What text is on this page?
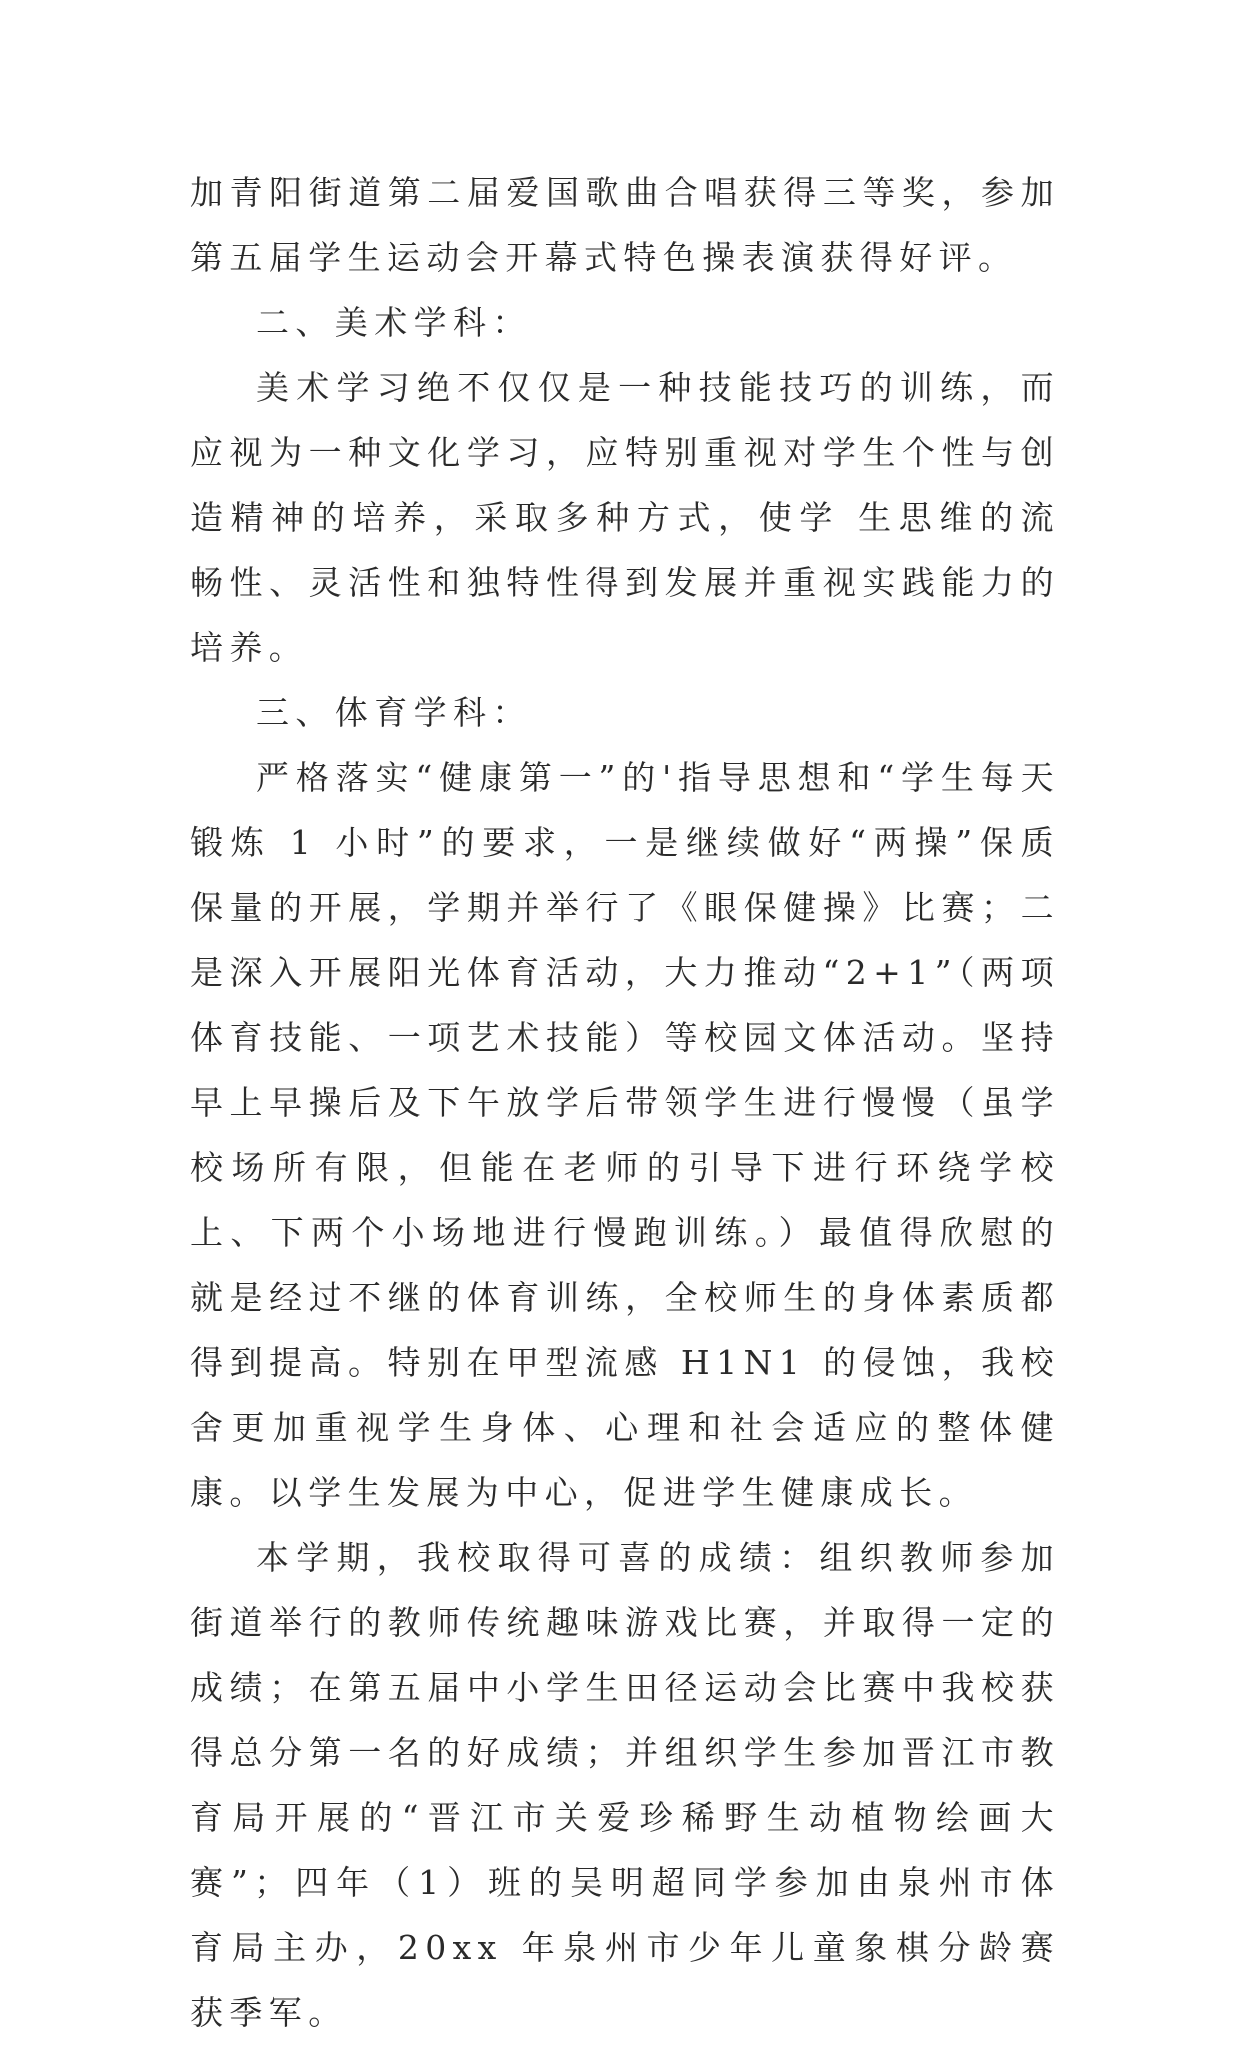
加青阳街道第二届爱国歌曲合唱获得三等奖，参加第五届学生运动会开幕式特色操表演获得好评。

二、美术学科：

美术学习绝不仅仅是一种技能技巧的训练，而应视为一种文化学习，应特别重视对学生个性与创造精神的培养，采取多种方式，使学 生思维的流畅性、灵活性和独特性得到发展并重视实践能力的培养。

三、体育学科：

严格落实“健康第一”的'指导思想和“学生每天锻炼 1 小时”的要求，一是继续做好“两操”保质保量的开展，学期并举行了《眼保健操》比赛；二是深入开展阳光体育活动，大力推动“2+1”（两项体育技能、一项艺术技能）等校园文体活动。坚持早上早操后及下午放学后带领学生进行慢慢（虽学校场所有限，但能在老师的引导下进行环绕学校上、下两个小场地进行慢跑训练。）最值得欣慰的就是经过不继的体育训练，全校师生的身体素质都得到提高。特别在甲型流感 H1N1 的侵蚀，我校舍更加重视学生身体、心理和社会适应的整体健康。以学生发展为中心，促进学生健康成长。

本学期，我校取得可喜的成绩：组织教师参加街道举行的教师传统趣味游戏比赛，并取得一定的成绩；在第五届中小学生田径运动会比赛中我校获得总分第一名的好成绩；并组织学生参加晋江市教育局开展的“晋江市关爱珍稀野生动植物绘画大赛”；四年（1）班的吴明超同学参加由泉州市体育局主办，20xx 年泉州市少年儿童象棋分龄赛获季军。
